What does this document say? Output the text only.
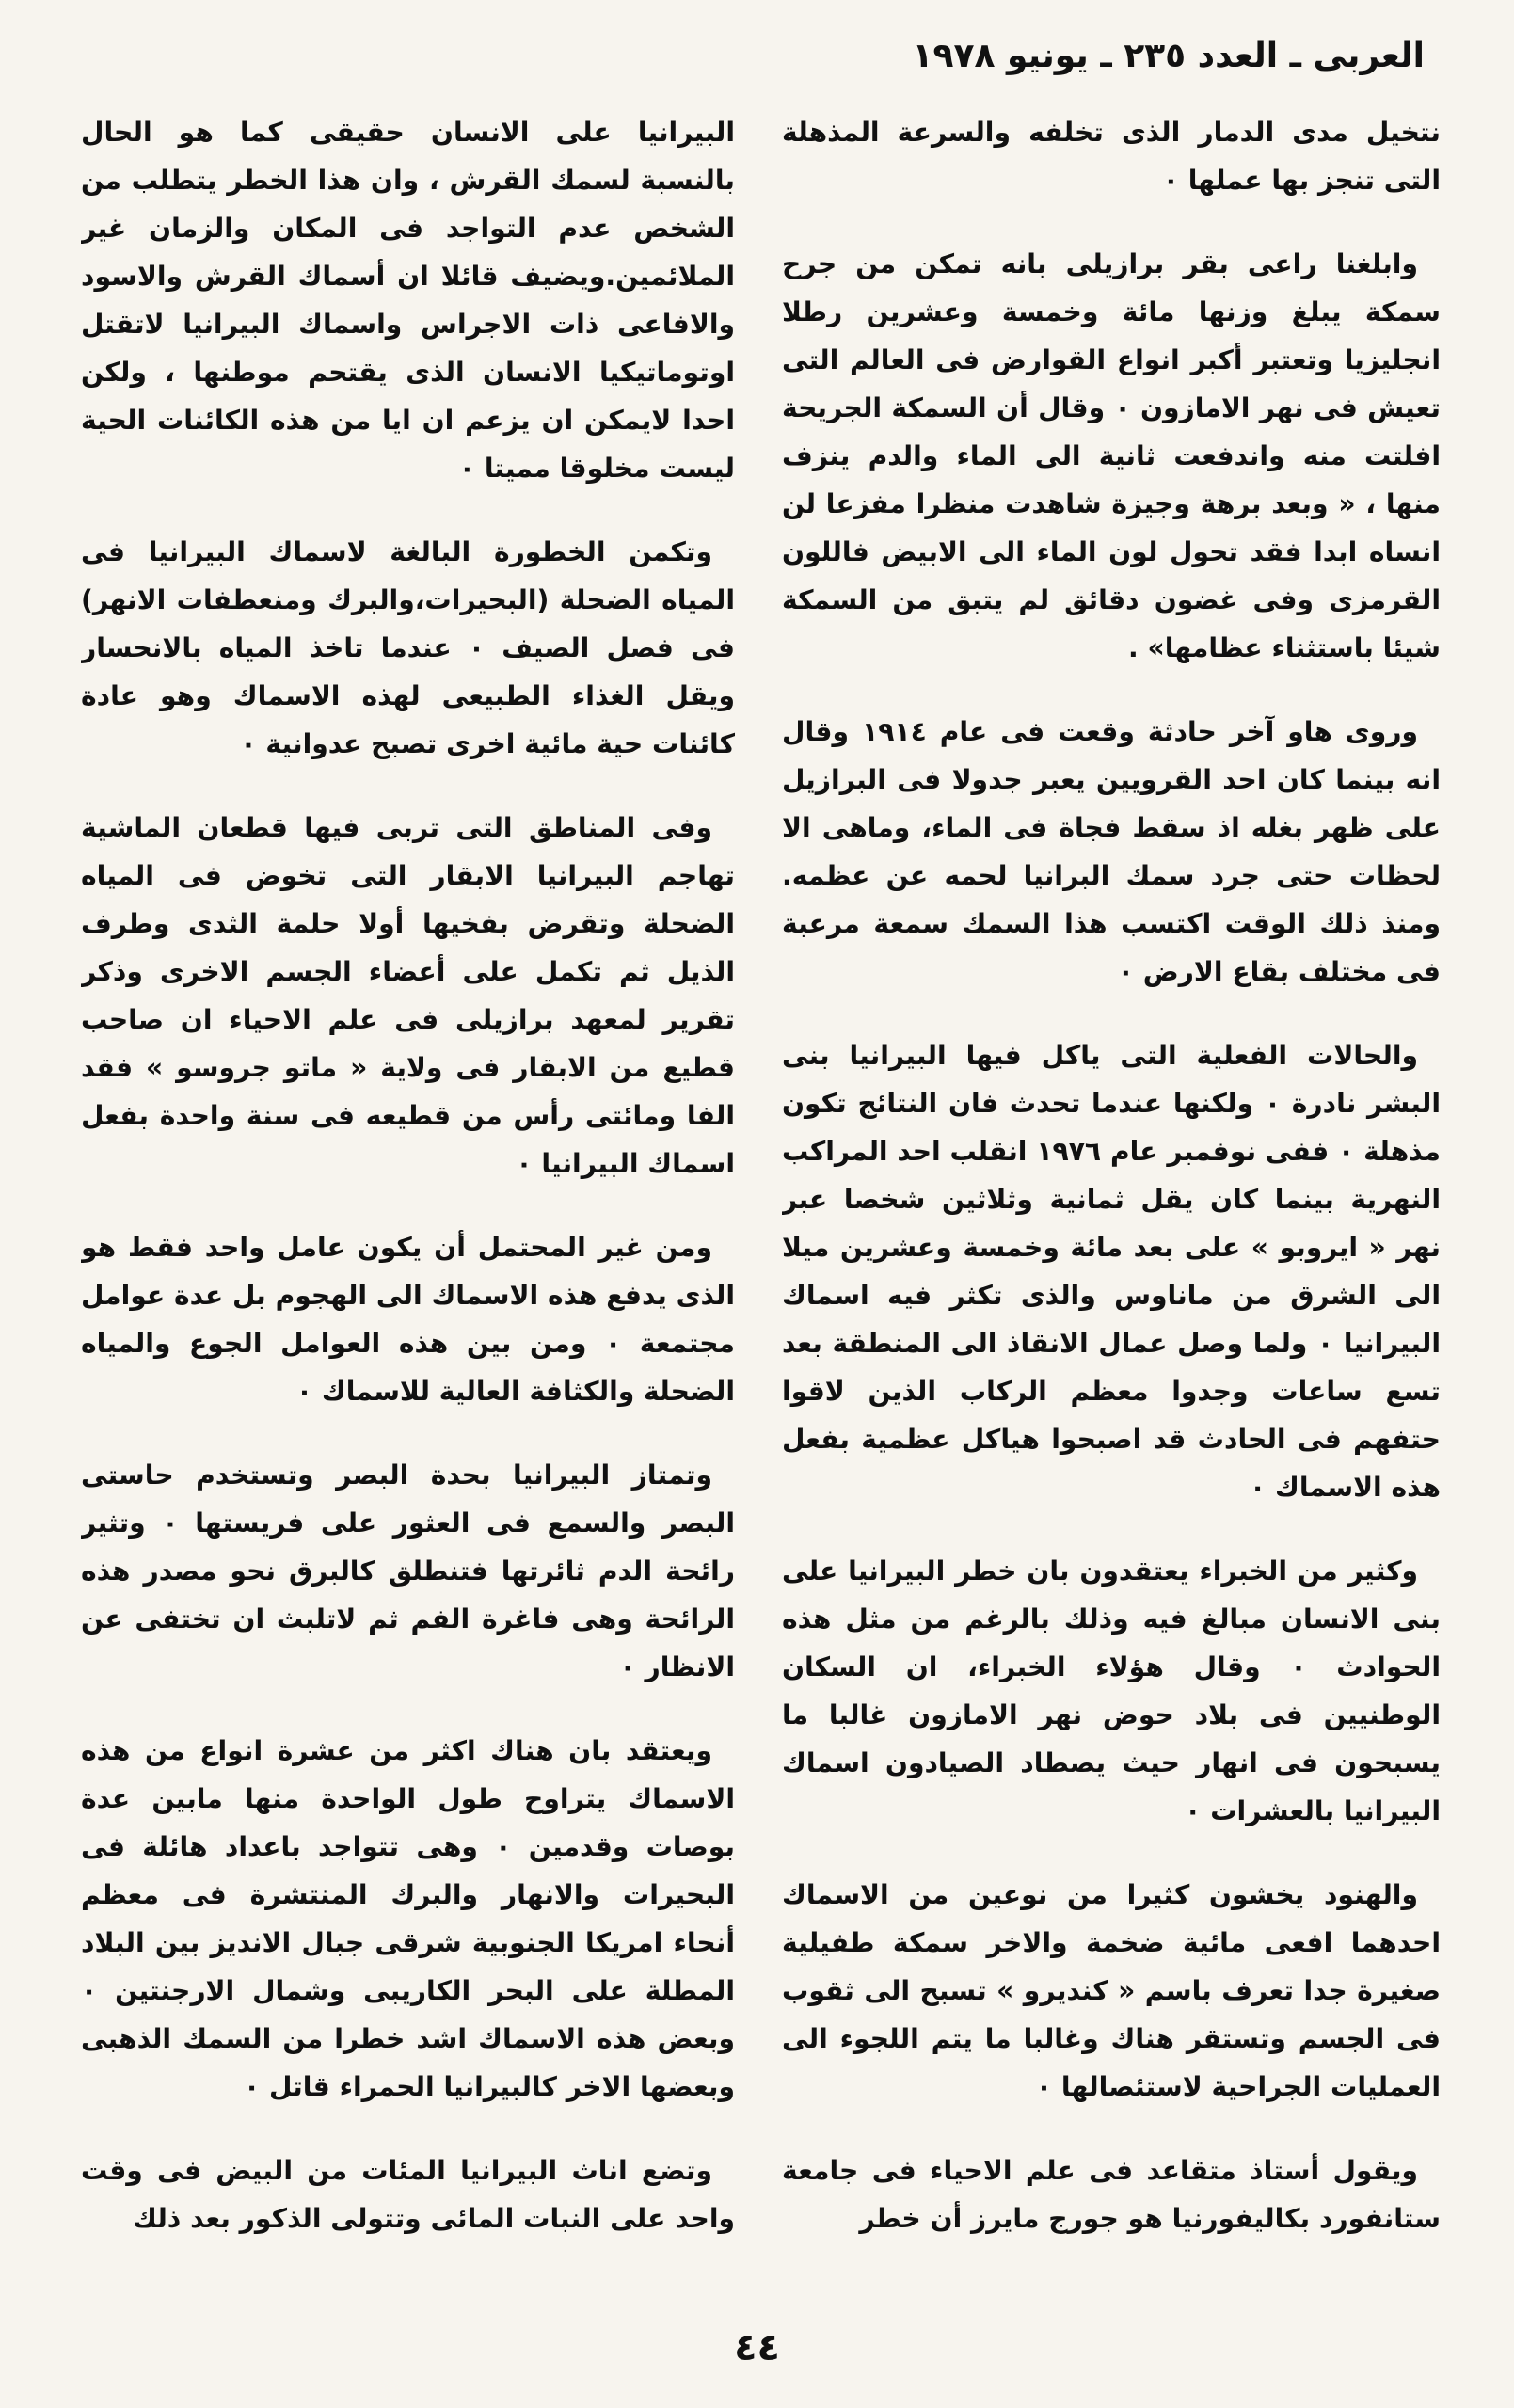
العربى ـ العدد ٢٣٥ ـ يونيو ١٩٧٨

نتخيل مدى الدمار الذى تخلفه والسرعة المذهلة التى تنجز بها عملها ٠

وابلغنا راعى بقر برازيلى بانه تمكن من جرح سمكة يبلغ وزنها مائة وخمسة وعشرين رطلا انجليزيا وتعتبر أكبر انواع القوارض فى العالم التى تعيش فى نهر الامازون ٠ وقال أن السمكة الجريحة افلتت منه واندفعت ثانية الى الماء والدم ينزف منها ، « وبعد برهة وجيزة شاهدت منظرا مفزعا لن انساه ابدا فقد تحول لون الماء الى الابيض فاللون القرمزى وفى غضون دقائق لم يتبق من السمكة شيئا باستثناء عظامها» .

وروى هاو آخر حادثة وقعت فى عام ١٩١٤ وقال انه بينما كان احد القرويين يعبر جدولا فى البرازيل على ظهر بغله اذ سقط فجاة فى الماء، وماهى الا لحظات حتى جرد سمك البرانيا لحمه عن عظمه. ومنذ ذلك الوقت اكتسب هذا السمك سمعة مرعبة فى مختلف بقاع الارض ٠

والحالات الفعلية التى ياكل فيها البيرانيا بنى البشر نادرة ٠ ولكنها عندما تحدث فان النتائج تكون مذهلة ٠ ففى نوفمبر عام ١٩٧٦ انقلب احد المراكب النهرية بينما كان يقل ثمانية وثلاثين شخصا عبر نهر « ايروبو » على بعد مائة وخمسة وعشرين ميلا الى الشرق من ماناوس والذى تكثر فيه اسماك البيرانيا ٠ ولما وصل عمال الانقاذ الى المنطقة بعد تسع ساعات وجدوا معظم الركاب الذين لاقوا حتفهم فى الحادث قد اصبحوا هياكل عظمية بفعل هذه الاسماك ٠

وكثير من الخبراء يعتقدون بان خطر البيرانيا على بنى الانسان مبالغ فيه وذلك بالرغم من مثل هذه الحوادث ٠ وقال هؤلاء الخبراء، ان السكان الوطنيين فى بلاد حوض نهر الامازون غالبا ما يسبحون فى انهار حيث يصطاد الصيادون اسماك البيرانيا بالعشرات ٠

والهنود يخشون كثيرا من نوعين من الاسماك احدهما افعى مائية ضخمة والاخر سمكة طفيلية صغيرة جدا تعرف باسم « كنديرو » تسبح الى ثقوب فى الجسم وتستقر هناك وغالبا ما يتم اللجوء الى العمليات الجراحية لاستئصالها ٠

ويقول أستاذ متقاعد فى علم الاحياء فى جامعة ستانفورد بكاليفورنيا هو جورج مايرز أن خطر

البيرانيا على الانسان حقيقى كما هو الحال بالنسبة لسمك القرش ، وان هذا الخطر يتطلب من الشخص عدم التواجد فى المكان والزمان غير الملائمين.ويضيف قائلا ان أسماك القرش والاسود والافاعى ذات الاجراس واسماك البيرانيا لاتقتل اوتوماتيكيا الانسان الذى يقتحم موطنها ، ولكن احدا لايمكن ان يزعم ان ايا من هذه الكائنات الحية ليست مخلوقا مميتا ٠

وتكمن الخطورة البالغة لاسماك البيرانيا فى المياه الضحلة (البحيرات،والبرك ومنعطفات الانهر) فى فصل الصيف ٠ عندما تاخذ المياه بالانحسار ويقل الغذاء الطبيعى لهذه الاسماك وهو عادة كائنات حية مائية اخرى تصبح عدوانية ٠

وفى المناطق التى تربى فيها قطعان الماشية تهاجم البيرانيا الابقار التى تخوض فى المياه الضحلة وتقرض بفخيها أولا حلمة الثدى وطرف الذيل ثم تكمل على أعضاء الجسم الاخرى وذكر تقرير لمعهد برازيلى فى علم الاحياء ان صاحب قطيع من الابقار فى ولاية « ماتو جروسو » فقد الفا ومائتى رأس من قطيعه فى سنة واحدة بفعل اسماك البيرانيا ٠

ومن غير المحتمل أن يكون عامل واحد فقط هو الذى يدفع هذه الاسماك الى الهجوم بل عدة عوامل مجتمعة ٠ ومن بين هذه العوامل الجوع والمياه الضحلة والكثافة العالية للاسماك ٠

وتمتاز البيرانيا بحدة البصر وتستخدم حاستى البصر والسمع فى العثور على فريستها ٠ وتثير رائحة الدم ثائرتها فتنطلق كالبرق نحو مصدر هذه الرائحة وهى فاغرة الفم ثم لاتلبث ان تختفى عن الانظار ٠

ويعتقد بان هناك اكثر من عشرة انواع من هذه الاسماك يتراوح طول الواحدة منها مابين عدة بوصات وقدمين ٠ وهى تتواجد باعداد هائلة فى البحيرات والانهار والبرك المنتشرة فى معظم أنحاء امريكا الجنوبية شرقى جبال الانديز بين البلاد المطلة على البحر الكاريبى وشمال الارجنتين ٠ وبعض هذه الاسماك اشد خطرا من السمك الذهبى وبعضها الاخر كالبيرانيا الحمراء قاتل ٠

وتضع اناث البيرانيا المئات من البيض فى وقت واحد على النبات المائى وتتولى الذكور بعد ذلك

٤٤
